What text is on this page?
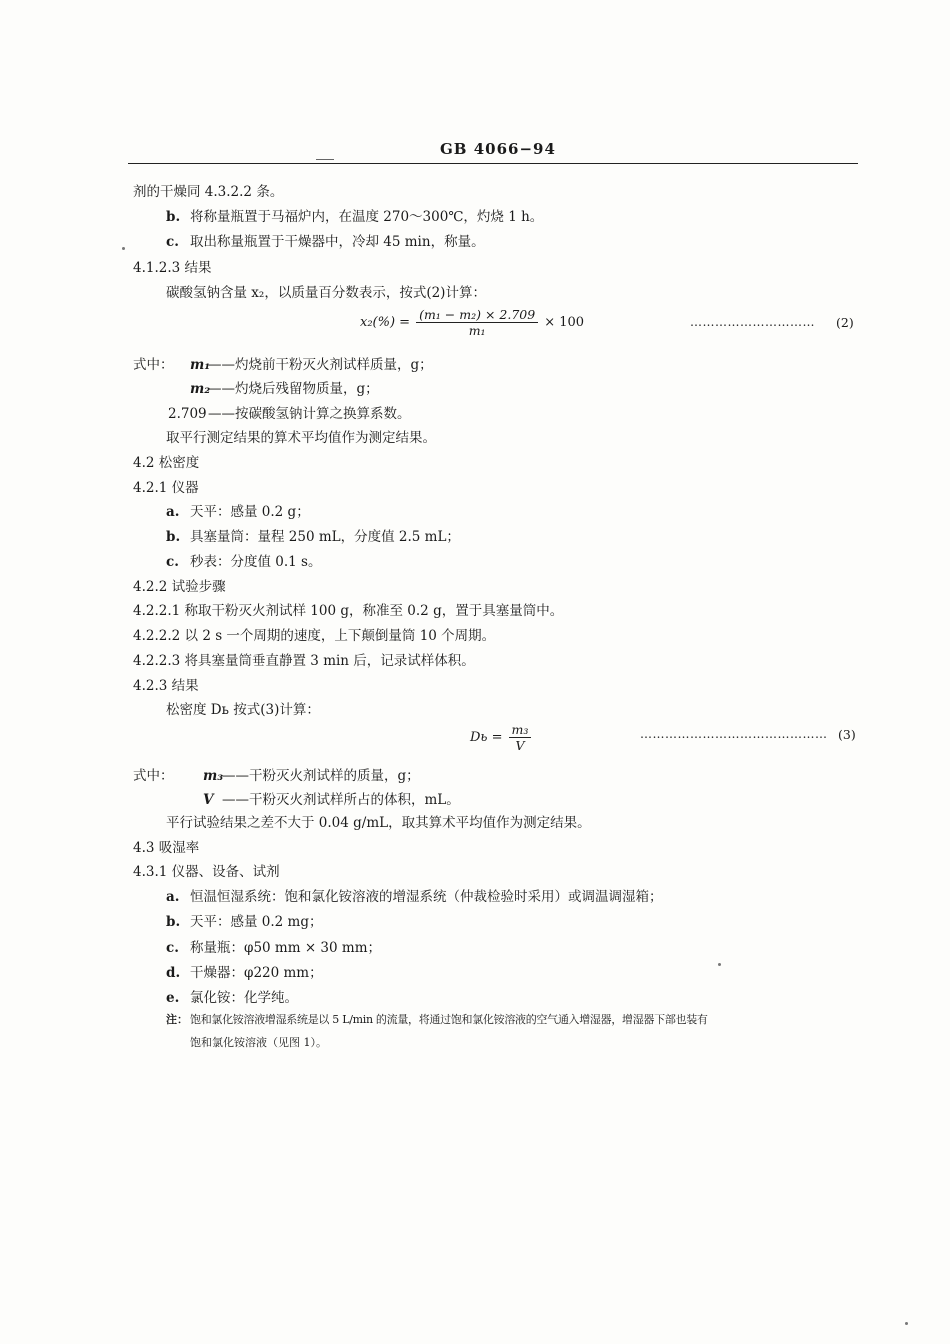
GB 4066−94
剂的干燥同 4.3.2.2 条。
b. 将称量瓶置于马福炉内，在温度 270～300℃，灼烧 1 h。
c. 取出称量瓶置于干燥器中，冷却 45 min，称量。
4.1.2.3 结果
碳酸氢钠含量 x₂，以质量百分数表示，按式(2)计算：
$x_2(\%) = \frac{\text{(m₁ − m₂) × 2.709}}{\text{m₁}} \times 100$	………………………… (2)
式中： m₁
——灼烧前干粉灭火剂试样质量，g；
m₂
——灼烧后残留物质量，g；
2.709 ——按碳酸氢钠计算之换算系数。
取平行测定结果的算术平均值作为测定结果。
4.2 松密度
4.2.1 仪器
a. 天平：感量 0.2 g；
b. 具塞量筒：量程 250 mL，分度值 2.5 mL；
c. 秒表：分度值 0.1 s。
4.2.2 试验步骤
4.2.2.1 称取干粉灭火剂试样 100 g，称准至 0.2 g，置于具塞量筒中。
4.2.2.2 以 2 s 一个周期的速度，上下颠倒量筒 10 个周期。
4.2.2.3 将具塞量筒垂直静置 3 min 后，记录试样体积。
4.2.3 结果
松密度 Dь 按式(3)计算：
Dь = $\frac{\text{m₃}}{V}$	……………………………………… (3)
式中： m₃
——干粉灭火剂试样的质量，g；
V ——干粉灭火剂试样所占的体积，mL。
平行试验结果之差不大于 0.04 g/mL，取其算术平均值作为测定结果。
4.3 吸湿率
4.3.1 仪器、设备、试剂
a. 恒温恒湿系统：饱和氯化铵溶液的增湿系统（仲裁检验时采用）或调温调湿箱；
b. 天平：感量 0.2 mg；
c. 称量瓶：φ50 mm × 30 mm；
d. 干燥器：φ220 mm；
e. 氯化铵：化学纯。
注： 饱和氯化铵溶液增湿系统是以 5 L/min 的流量，将通过饱和氯化铵溶液的空气通入增湿器，增湿器下部也装有
饱和氯化铵溶液（见图 1）。
